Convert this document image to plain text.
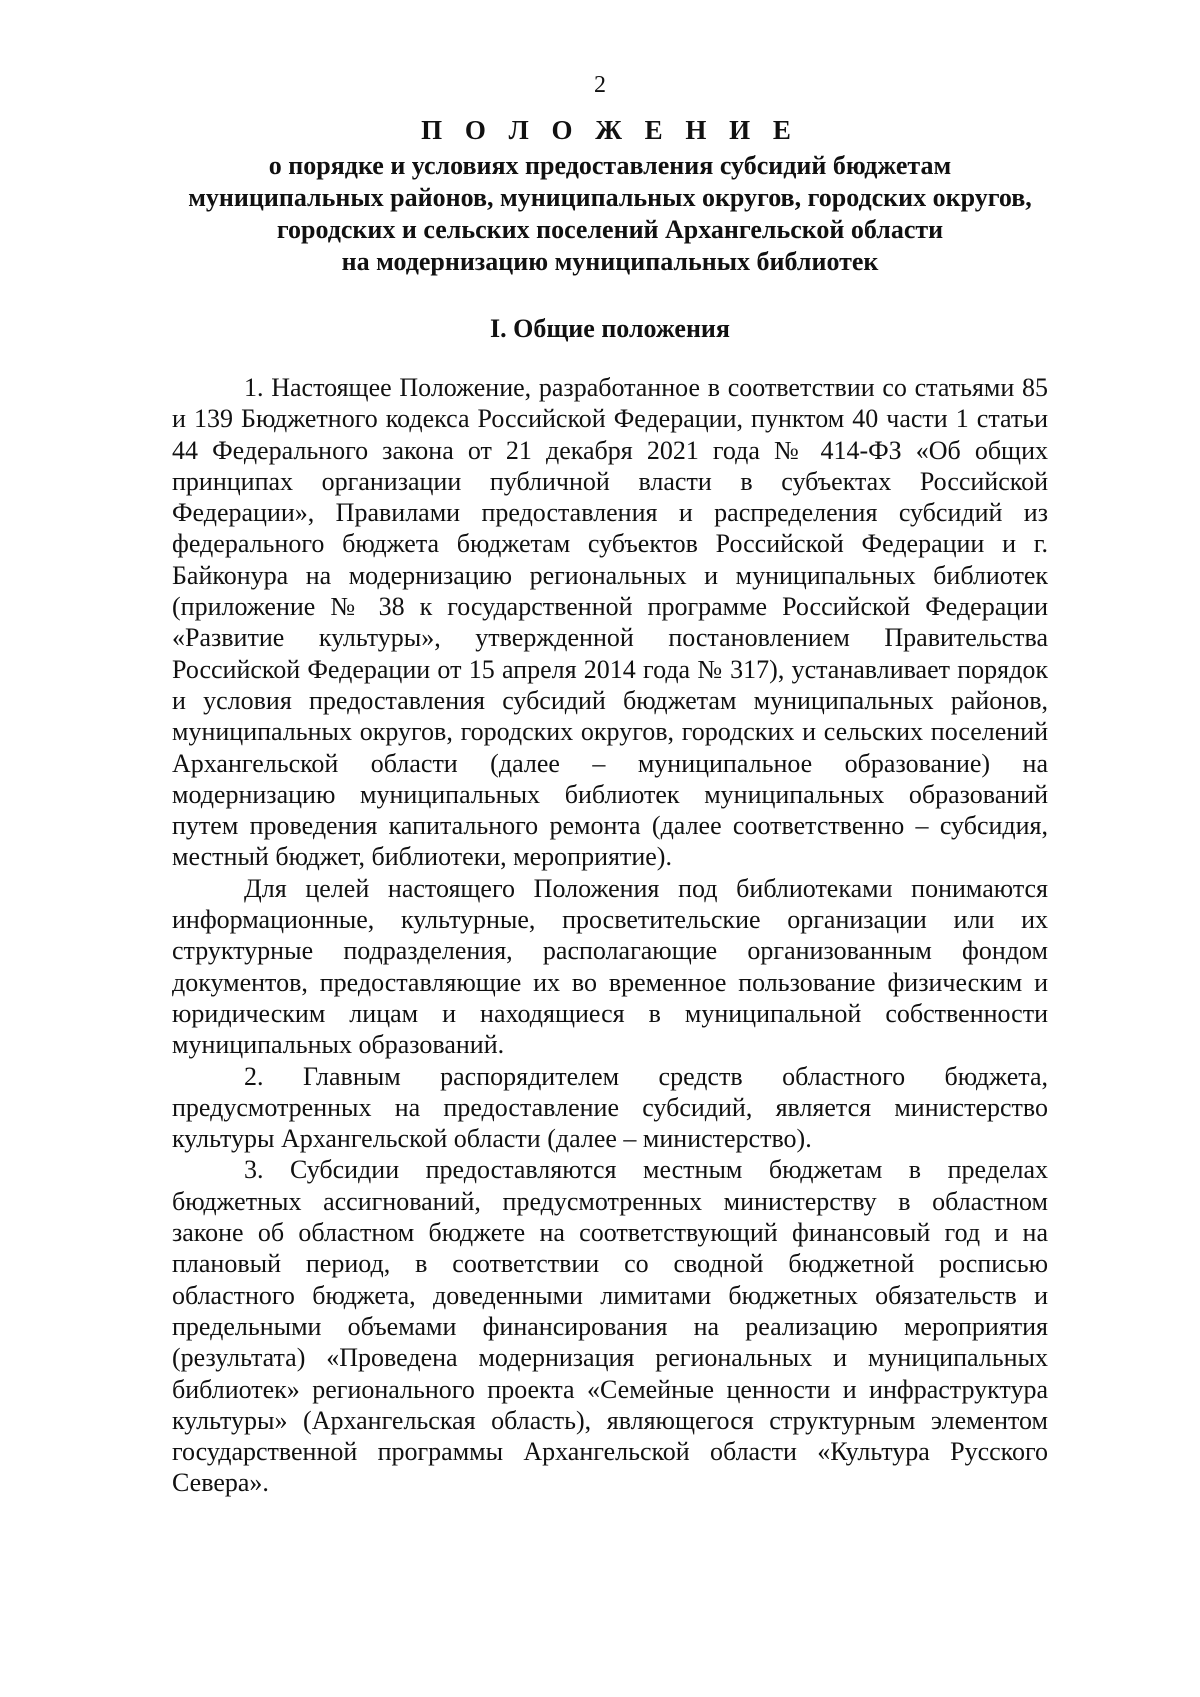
2
П О Л О Ж Е Н И Е
о порядке и условиях предоставления субсидий бюджетам
муниципальных районов, муниципальных округов, городских округов,
городских и сельских поселений Архангельской области
на модернизацию муниципальных библиотек
I. Общие положения

1. Настоящее Положение, разработанное в соответствии со статьями 85 и 139 Бюджетного кодекса Российской Федерации, пунктом 40 части 1 статьи 44 Федерального закона от 21 декабря 2021 года № 414-ФЗ «Об общих принципах организации публичной власти в субъектах Российской Федерации», Правилами предоставления и распределения субсидий из федерального бюджета бюджетам субъектов Российской Федерации и г. Байконура на модернизацию региональных и муниципальных библиотек (приложение № 38 к государственной программе Российской Федерации «Развитие культуры», утвержденной постановлением Правительства Российской Федерации от 15 апреля 2014 года № 317), устанавливает порядок и условия предоставления субсидий бюджетам муниципальных районов, муниципальных округов, городских округов, городских и сельских поселений Архангельской области (далее – муниципальное образование) на модернизацию муниципальных библиотек муниципальных образований путем проведения капитального ремонта (далее соответственно – субсидия, местный бюджет, библиотеки, мероприятие).

Для целей настоящего Положения под библиотеками понимаются информационные, культурные, просветительские организации или их структурные подразделения, располагающие организованным фондом документов, предоставляющие их во временное пользование физическим и юридическим лицам и находящиеся в муниципальной собственности муниципальных образований.

2. Главным распорядителем средств областного бюджета, предусмотренных на предоставление субсидий, является министерство культуры Архангельской области (далее – министерство).

3. Субсидии предоставляются местным бюджетам в пределах бюджетных ассигнований, предусмотренных министерству в областном законе об областном бюджете на соответствующий финансовый год и на плановый период, в соответствии со сводной бюджетной росписью областного бюджета, доведенными лимитами бюджетных обязательств и предельными объемами финансирования на реализацию мероприятия (результата) «Проведена модернизация региональных и муниципальных библиотек» регионального проекта «Семейные ценности и инфраструктура культуры» (Архангельская область), являющегося структурным элементом государственной программы Архангельской области «Культура Русского Севера».
